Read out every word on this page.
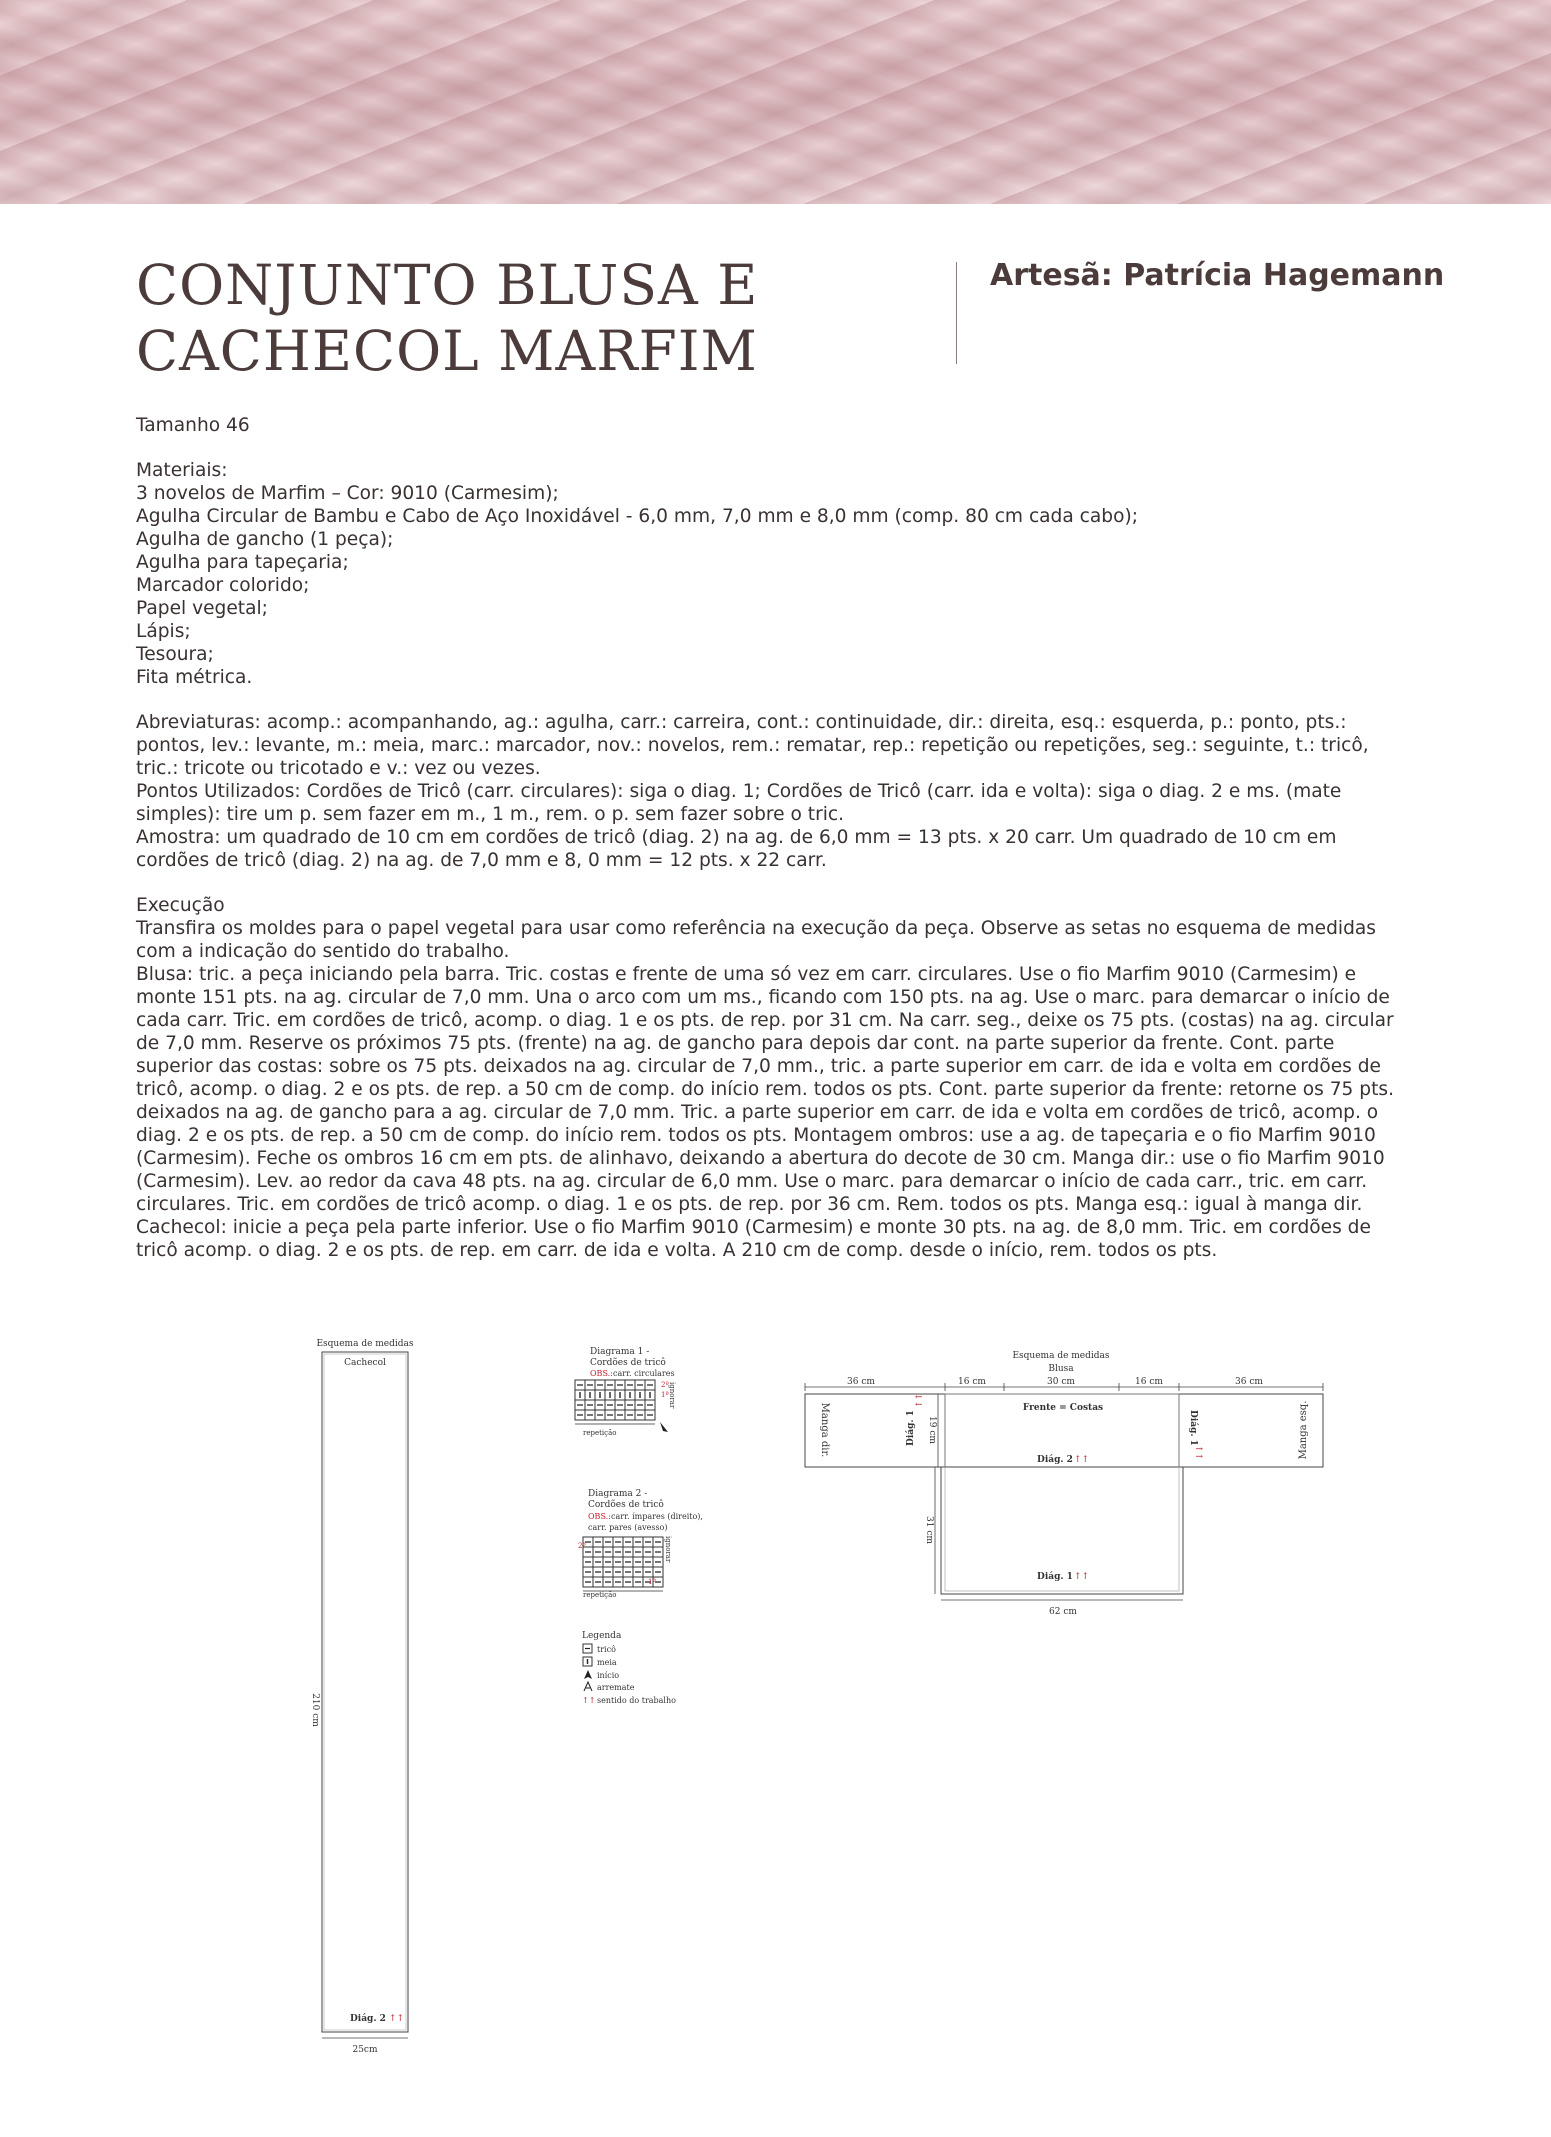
CONJUNTO BLUSA E
CACHECOL MARFIM
Artesã: Patrícia Hagemann

Tamanho 46

Materiais:
3 novelos de Marfim – Cor: 9010 (Carmesim);
Agulha Circular de Bambu e Cabo de Aço Inoxidável - 6,0 mm, 7,0 mm e 8,0 mm (comp. 80 cm cada cabo);
Agulha de gancho (1 peça);
Agulha para tapeçaria;
Marcador colorido;
Papel vegetal;
Lápis;
Tesoura;
Fita métrica.

Abreviaturas: acomp.: acompanhando, ag.: agulha, carr.: carreira, cont.: continuidade, dir.: direita, esq.: esquerda, p.: ponto, pts.: pontos, lev.: levante, m.: meia, marc.: marcador, nov.: novelos, rem.: rematar, rep.: repetição ou repetições, seg.: seguinte, t.: tricô, tric.: tricote ou tricotado e v.: vez ou vezes.
Pontos Utilizados: Cordões de Tricô (carr. circulares): siga o diag. 1; Cordões de Tricô (carr. ida e volta): siga o diag. 2 e ms. (mate simples): tire um p. sem fazer em m., 1 m., rem. o p. sem fazer sobre o tric.
Amostra: um quadrado de 10 cm em cordões de tricô (diag. 2) na ag. de 6,0 mm = 13 pts. x 20 carr. Um quadrado de 10 cm em cordões de tricô (diag. 2) na ag. de 7,0 mm e 8, 0 mm = 12 pts. x 22 carr.

Execução
Transfira os moldes para o papel vegetal para usar como referência na execução da peça. Observe as setas no esquema de medidas com a indicação do sentido do trabalho.
Blusa: tric. a peça iniciando pela barra. Tric. costas e frente de uma só vez em carr. circulares. Use o fio Marfim 9010 (Carmesim) e monte 151 pts. na ag. circular de 7,0 mm. Una o arco com um ms., ficando com 150 pts. na ag. Use o marc. para demarcar o início de cada carr. Tric. em cordões de tricô, acomp. o diag. 1 e os pts. de rep. por 31 cm. Na carr. seg., deixe os 75 pts. (costas) na ag. circular de 7,0 mm. Reserve os próximos 75 pts. (frente) na ag. de gancho para depois dar cont. na parte superior da frente. Cont. parte superior das costas: sobre os 75 pts. deixados na ag. circular de 7,0 mm., tric. a parte superior em carr. de ida e volta em cordões de tricô, acomp. o diag. 2 e os pts. de rep. a 50 cm de comp. do início rem. todos os pts. Cont. parte superior da frente: retorne os 75 pts. deixados na ag. de gancho para a ag. circular de 7,0 mm. Tric. a parte superior em carr. de ida e volta em cordões de tricô, acomp. o diag. 2 e os pts. de rep. a 50 cm de comp. do início rem. todos os pts. Montagem ombros: use a ag. de tapeçaria e o fio Marfim 9010 (Carmesim). Feche os ombros 16 cm em pts. de alinhavo, deixando a abertura do decote de 30 cm. Manga dir.: use o fio Marfim 9010 (Carmesim). Lev. ao redor da cava 48 pts. na ag. circular de 6,0 mm. Use o marc. para demarcar o início de cada carr., tric. em carr. circulares. Tric. em cordões de tricô acomp. o diag. 1 e os pts. de rep. por 36 cm. Rem. todos os pts. Manga esq.: igual à manga dir. Cachecol: inicie a peça pela parte inferior. Use o fio Marfim 9010 (Carmesim) e monte 30 pts. na ag. de 8,0 mm. Tric. em cordões de tricô acomp. o diag. 2 e os pts. de rep. em carr. de ida e volta. A 210 cm de comp. desde o início, rem. todos os pts.

Esquema de medidas
Cachecol
210 cm
Diág. 2 ↑↑
25cm
Diagrama 1 -
Cordões de tricô
OBS.: carr. circulares
2ª
1ª ignorar
repetição
Diagrama 2 -
Cordões de tricô
OBS.: carr. ímpares (direito),
carr. pares (avesso)
2ª
1ª
ignorar
repetição
Legenda
tricô
meia
início
arremate
↑↑ sentido do trabalho
Esquema de medidas
Blusa
36 cm	16 cm	30 cm	16 cm	36 cm
Manga dir.	Manga esq.
Frente = Costas
Diág. 1
↑↑
Diág. 1
↑↑
Diág. 2 ↑↑
Diág. 1 ↑↑
19 cm
31 cm
62 cm
